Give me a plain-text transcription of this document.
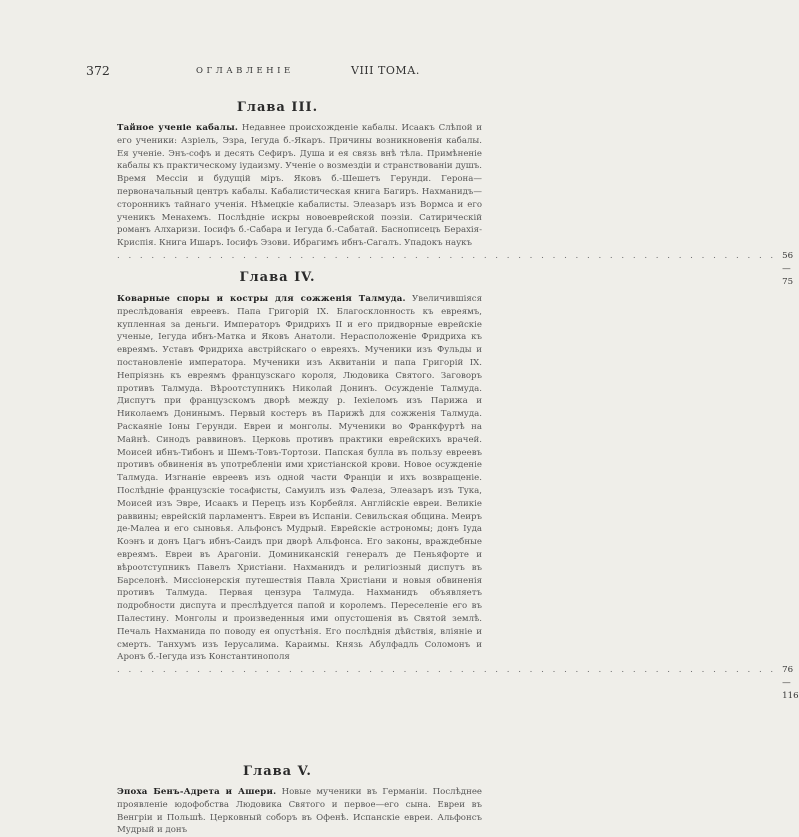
372	ОГЛАВЛЕНІЕ	VIII ТОМА.
Глава III.
Тайное ученіе кабалы. Недавнее происхожденіе кабалы. Исаакъ Слѣпой и его ученики: Азріель, Эзра, Іегуда б.-Якаръ. Причины возникновенія кабалы. Ея ученіе. Энъ-софъ и десять Сефиръ. Душа и ея связь внѣ тѣла. Примѣненіе кабалы къ практическому іудаизму. Ученіе о возмездіи и странствованіи душъ. Время Мессіи и будущій міръ. Яковъ б.-Шешетъ Герунди. Герона—первоначальный центръ кабалы. Кабалистическая книга Багиръ. Нахманидъ—сторонникъ тайнаго ученія. Нѣмецкіе кабалисты. Элеазаръ изъ Вормса и его ученикъ Менахемъ. Послѣдніе искры новоеврейской поэзіи. Сатирическій романъ Алхаризи. Іосифъ б.-Сабара и Іегуда б.-Сабатай. Баснописецъ Берахія-Криспія. Книга Ишаръ. Іосифъ Эзови. Ибрагимъ ибнъ-Сагалъ. Упадокъ наукъ
. . . . . . . . . . . . . . . . . . . . . . . . . . . . . . . . . . . . . . . . . . . . . . . . . . . . . . . . . . 56—75
Глава IV.
Коварные споры и костры для сожженія Талмуда. Увеличившіяся преслѣдованія евреевъ. Папа Григорій IX. Благосклонность къ евреямъ, купленная за деньги. Императоръ Фридрихъ II и его придворные еврейскіе ученые, Іегуда ибнъ-Матка и Яковъ Анатоли. Нерасположеніе Фридриха къ евреямъ. Уставъ Фридриха австрійскаго о евреяхъ. Мученики изъ Фульды и постановленіе императора. Мученики изъ Аквитаніи и папа Григорій IX. Непріязнь къ евреямъ французскаго короля, Людовика Святого. Заговоръ противъ Талмуда. Вѣроотступникъ Николай Донинъ. Осужденіе Талмуда. Диспутъ при французскомъ дворѣ между р. Іехіеломъ изъ Парижа и Николаемъ Донинымъ. Первый костеръ въ Парижѣ для сожженія Талмуда. Раскаяніе Іоны Герунди. Евреи и монголы. Мученики во Франкфуртѣ на Майнѣ. Синодъ раввиновъ. Церковь противъ практики еврейскихъ врачей. Моисей ибнъ-Тибонъ и Шемъ-Товъ-Тортози. Папская булла въ пользу евреевъ противъ обвиненія въ употребленіи ими христіанской крови. Новое осужденіе Талмуда. Изгнаніе евреевъ изъ одной части Франціи и ихъ возвращеніе. Послѣдніе французскіе тосафисты, Самуилъ изъ Фалеза, Элеазаръ изъ Тука, Моисей изъ Эвре, Исаакъ и Перецъ изъ Корбейля. Англійскіе евреи. Великіе раввины; еврейскій парламентъ. Евреи въ Испаніи. Севильская община. Меиръ де-Малеа и его сыновья. Альфонсъ Мудрый. Еврейскіе астрономы; донъ Іуда Коэнъ и донъ Цагъ ибнъ-Саидъ при дворѣ Альфонса. Его законы, враждебные евреямъ. Евреи въ Арагоніи. Доминиканскій генералъ де Пеньяфорте и вѣроотступникъ Павелъ Христіани. Нахманидъ и религіозный диспутъ въ Барселонѣ. Миссіонерскія путешествія Павла Христіани и новыя обвиненія противъ Талмуда. Первая цензура Талмуда. Нахманидъ объявляетъ подробности диспута и преслѣдуется папой и королемъ. Переселеніе его въ Палестину. Монголы и произведенныя ими опустошенія въ Святой землѣ. Печаль Нахманида по поводу ея опустѣнія. Его послѣднія дѣйствія, вліяніе и смерть. Танхумъ изъ Іерусалима. Караимы. Князь Абулфадль Соломонъ и Аронъ б.-Іегуда изъ Константинополя
. . . . . . . . . . . . . . . . . . . . . . . . . . . . . . . . . . . . . . . . . . . . . . . . . . . . . . . . . . 76—116
Глава V.
Эпоха Бенъ-Адрета и Ашери. Новые мученики въ Германіи. Послѣднее проявленіе юдофобства Людовика Святого и первое—его сына. Евреи въ Венгріи и Польшѣ. Церковный соборъ въ Офенѣ. Испанскіе евреи. Альфонсъ Мудрый и донъ
